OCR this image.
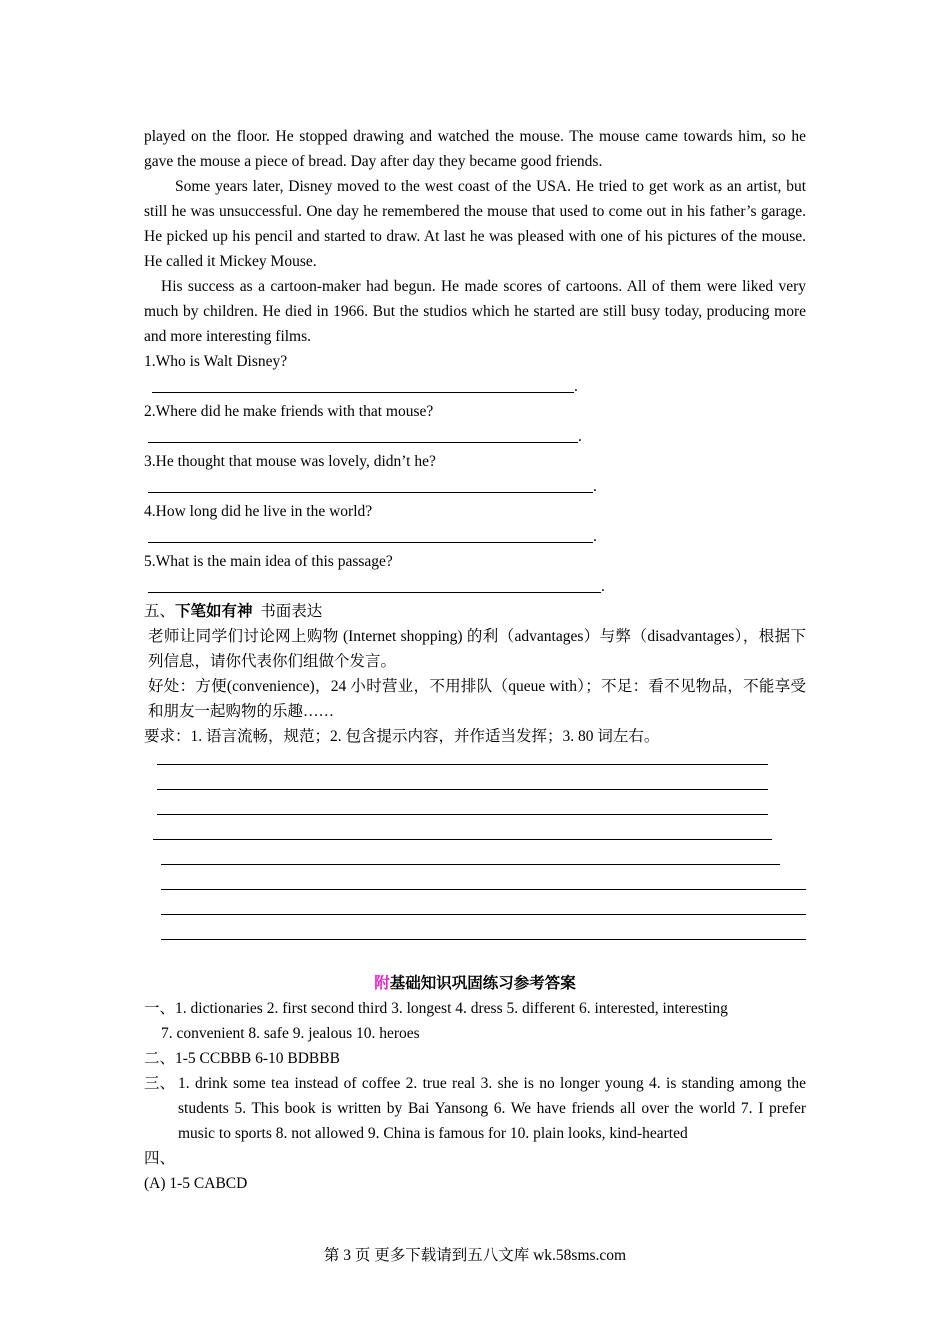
played on the floor. He stopped drawing and watched the mouse. The mouse came towards him, so he gave the mouse a piece of bread. Day after day they became good friends.

Some years later, Disney moved to the west coast of the USA. He tried to get work as an artist, but still he was unsuccessful. One day he remembered the mouse that used to come out in his father’s garage. He picked up his pencil and started to draw. At last he was pleased with one of his pictures of the mouse. He called it Mickey Mouse.

His success as a cartoon-maker had begun. He made scores of cartoons. All of them were liked very much by children. He died in 1966. But the studios which he started are still busy today, producing more and more interesting films.

1.Who is Walt Disney?

.

2.Where did he make friends with that mouse?

.

3.He thought that mouse was lovely, didn’t he?

.

4.How long did he live in the world?

.

5.What is the main idea of this passage?

.

五、下笔如有神 书面表达

老师让同学们讨论网上购物 (Internet shopping) 的利（advantages）与弊（disadvantages），根据下列信息，请你代表你们组做个发言。

好处：方便(convenience)，24 小时营业，不用排队（queue with）；不足：看不见物品，不能享受和朋友一起购物的乐趣……

要求：1. 语言流畅，规范；2. 包含提示内容，并作适当发挥；3. 80 词左右。

附基础知识巩固练习参考答案

一、1. dictionaries 2. first second third 3. longest 4. dress 5. different 6. interested, interesting

7. convenient 8. safe 9. jealous 10. heroes

二、1-5 CCBBB 6-10 BDBBB

三、 1. drink some tea instead of coffee 2. true real 3. she is no longer young 4. is standing among the students 5. This book is written by Bai Yansong 6. We have friends all over the world 7. I prefer music to sports 8. not allowed 9. China is famous for 10. plain looks, kind-hearted

四、

(A) 1-5 CABCD

第 3 页 更多下载请到五八文库 wk.58sms.com
